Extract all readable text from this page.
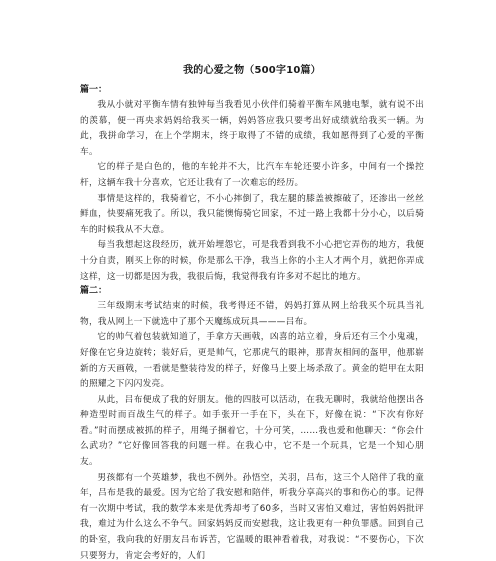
我的心爱之物（500字10篇）
篇一：

我从小就对平衡车情有独钟每当我看见小伙伴们骑着平衡车风驰电掣，就有说不出的羡慕，便一再央求妈妈给我买一辆，妈妈答应我只要考出好成绩就给我买一辆。为此，我拼命学习，在上个学期末，终于取得了不错的成绩，我如愿得到了心爱的平衡车。

它的样子是白色的，他的车轮并不大，比汽车车轮还要小许多，中间有一个操控杆，这辆车我十分喜欢，它还让我有了一次难忘的经历。

事情是这样的，我骑着它，不小心摔倒了，我左腿的膝盖被擦破了，还渗出一丝丝鲜血，快要痛死我了。所以，我只能懊悔骑它回家，不过一路上我都十分小心，以后骑车的时候我从不大意。

每当我想起这段经历，就开始埋怨它，可是我看到我不小心把它弄伤的地方，我便十分自责，刚买上你的时候，你是那么干净，我当上你的小主人才两个月，就把你弄成这样，这一切都是因为我，我很后悔，我觉得我有许多对不起比的地方。

篇二：

三年级期末考试结束的时候，我考得还不错，妈妈打算从网上给我买个玩具当礼物，我从网上一下就选中了那个天魔练成玩具———吕布。

它的帅气着包装就知道了，手拿方天画戟，凶喜的站立着，身后还有三个小鬼魂，好像在它身边旋转；装好后，更是帅气，它那虎气的眼神，那青灰相间的盔甲，他那崭新的方天画戟，一看就是整装待发的样子，好像马上要上场杀敌了。黄金的铠甲在太阳的照耀之下闪闪发亮。

从此，吕布便成了我的好朋友。他的四肢可以活动，在我无聊时，我就给他摆出各种造型时而百战生气的样子。如手张开一手在下，头在下，好像在说：“下次有你好看。”时而摆成被抓的样子，用绳子捆着它，十分可笑，……我也爱和他聊天：“你会什么武功？”它好像回答我的问题一样。在我心中，它不是一个玩具，它是一个知心朋友。

男孩都有一个英雄梦，我也不例外。孙悟空，关羽，吕布，这三个人陪伴了我的童年，吕布是我的最爱。因为它给了我安慰和陪伴，听我分享高兴的事和伤心的事。记得有一次期中考试，我的数学本来是优秀却考了60多，当时又害怕又难过，害怕妈妈批评我，难过为什么这么不争气。回家妈妈反而安慰我，这让我更有一种负罪感。回到自己的卧室，我向我的好朋友吕布诉苦，它温暖的眼神看着我，对我说：“不要伤心，下次只要努力，肯定会考好的，人们
